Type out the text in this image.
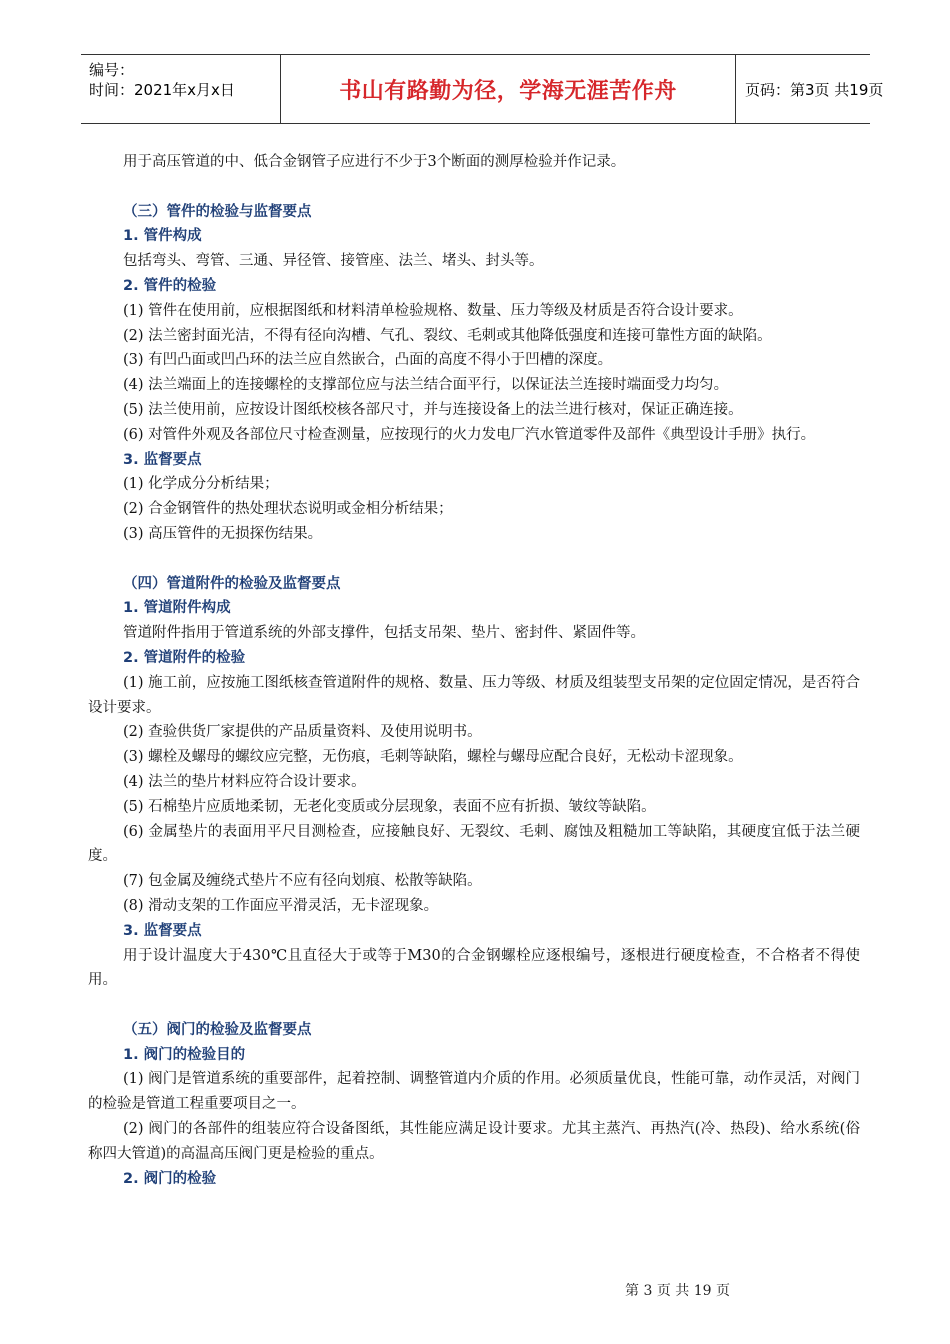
编号：
时间：2021年x月x日	书山有路勤为径，学海无涯苦作舟	页码：第3页 共19页

用于高压管道的中、低合金钢管子应进行不少于3个断面的测厚检验并作记录。

（三）管件的检验与监督要点

1. 管件构成

包括弯头、弯管、三通、异径管、接管座、法兰、堵头、封头等。

2. 管件的检验

(1) 管件在使用前，应根据图纸和材料清单检验规格、数量、压力等级及材质是否符合设计要求。

(2) 法兰密封面光洁，不得有径向沟槽、气孔、裂纹、毛刺或其他降低强度和连接可靠性方面的缺陷。

(3) 有凹凸面或凹凸环的法兰应自然嵌合，凸面的高度不得小于凹槽的深度。

(4) 法兰端面上的连接螺栓的支撑部位应与法兰结合面平行，以保证法兰连接时端面受力均匀。

(5) 法兰使用前，应按设计图纸校核各部尺寸，并与连接设备上的法兰进行核对，保证正确连接。

(6) 对管件外观及各部位尺寸检查测量，应按现行的火力发电厂汽水管道零件及部件《典型设计手册》执行。

3. 监督要点

(1) 化学成分分析结果；

(2) 合金钢管件的热处理状态说明或金相分析结果；

(3) 高压管件的无损探伤结果。

（四）管道附件的检验及监督要点

1. 管道附件构成

管道附件指用于管道系统的外部支撑件，包括支吊架、垫片、密封件、紧固件等。

2. 管道附件的检验

(1) 施工前，应按施工图纸核查管道附件的规格、数量、压力等级、材质及组装型支吊架的定位固定情况，是否符合设计要求。

(2) 查验供货厂家提供的产品质量资料、及使用说明书。

(3) 螺栓及螺母的螺纹应完整，无伤痕，毛刺等缺陷，螺栓与螺母应配合良好，无松动卡涩现象。

(4) 法兰的垫片材料应符合设计要求。

(5) 石棉垫片应质地柔韧，无老化变质或分层现象，表面不应有折损、皱纹等缺陷。

(6) 金属垫片的表面用平尺目测检查，应接触良好、无裂纹、毛刺、腐蚀及粗糙加工等缺陷，其硬度宜低于法兰硬度。

(7) 包金属及缠绕式垫片不应有径向划痕、松散等缺陷。

(8) 滑动支架的工作面应平滑灵活，无卡涩现象。

3. 监督要点

用于设计温度大于430℃且直径大于或等于M30的合金钢螺栓应逐根编号，逐根进行硬度检查，不合格者不得使用。

（五）阀门的检验及监督要点

1. 阀门的检验目的

(1) 阀门是管道系统的重要部件，起着控制、调整管道内介质的作用。必须质量优良，性能可靠，动作灵活，对阀门的检验是管道工程重要项目之一。

(2) 阀门的各部件的组装应符合设备图纸，其性能应满足设计要求。尤其主蒸汽、再热汽(冷、热段)、给水系统(俗称四大管道)的高温高压阀门更是检验的重点。

2. 阀门的检验

第 3 页 共 19 页
